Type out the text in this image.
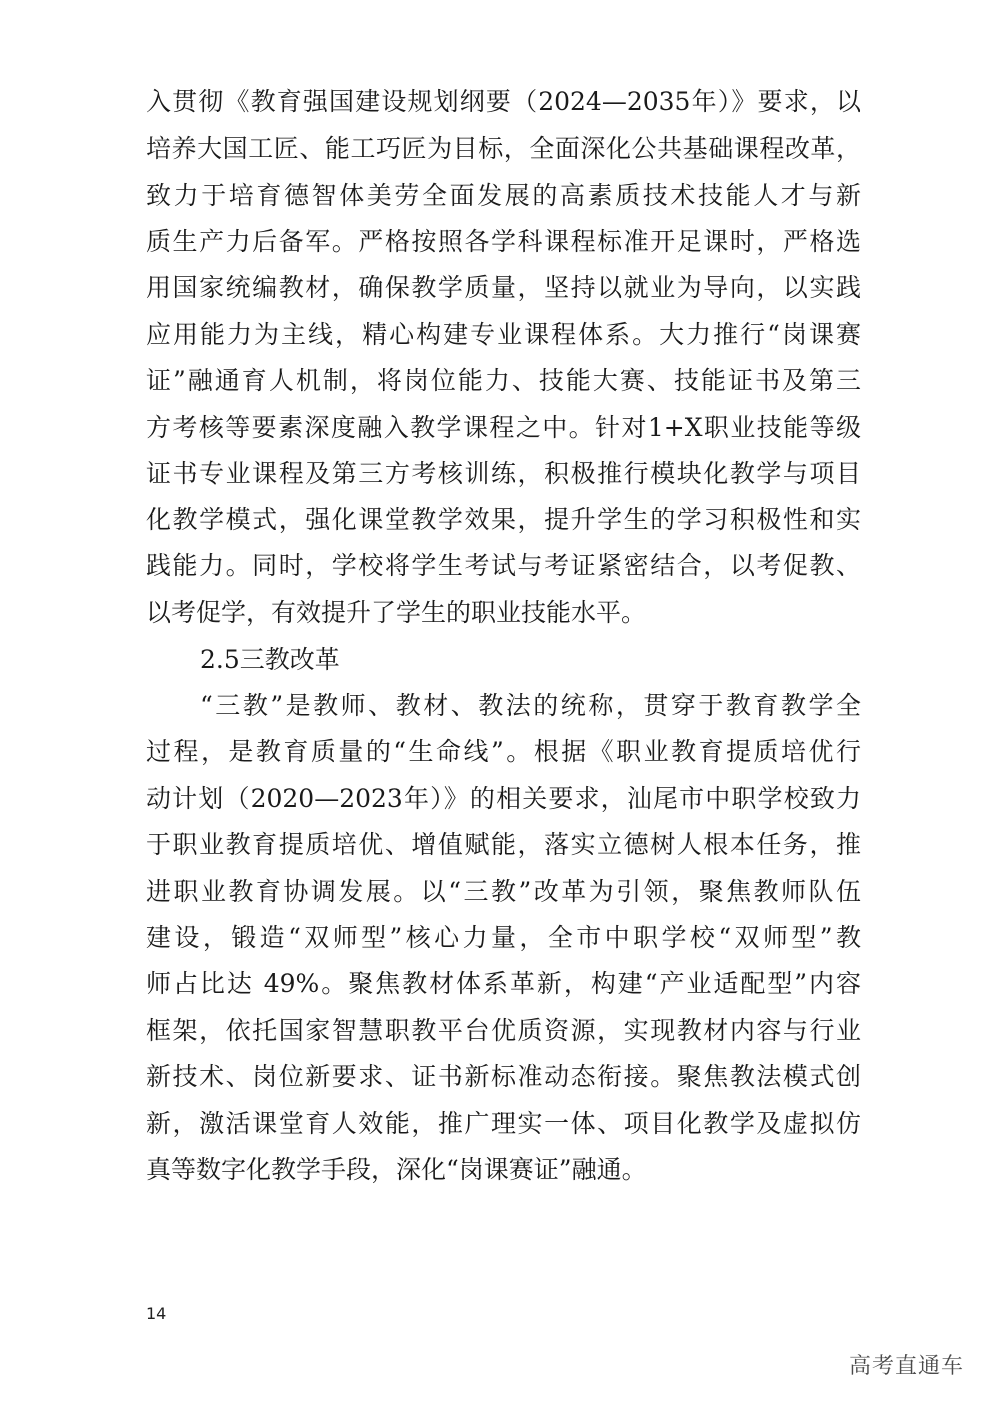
入贯彻《教育强国建设规划纲要（2024—2035年）》要求，以
培养大国工匠、能工巧匠为目标，全面深化公共基础课程改革，
致力于培育德智体美劳全面发展的高素质技术技能人才与新
质生产力后备军。严格按照各学科课程标准开足课时，严格选
用国家统编教材，确保教学质量，坚持以就业为导向，以实践
应用能力为主线，精心构建专业课程体系。大力推行“岗课赛
证”融通育人机制，将岗位能力、技能大赛、技能证书及第三
方考核等要素深度融入教学课程之中。针对1+X职业技能等级
证书专业课程及第三方考核训练，积极推行模块化教学与项目
化教学模式，强化课堂教学效果，提升学生的学习积极性和实
践能力。同时，学校将学生考试与考证紧密结合，以考促教、
以考促学，有效提升了学生的职业技能水平。
2.5三教改革
“三教”是教师、教材、教法的统称，贯穿于教育教学全
过程，是教育质量的“生命线”。根据《职业教育提质培优行
动计划（2020—2023年）》的相关要求，汕尾市中职学校致力
于职业教育提质培优、增值赋能，落实立德树人根本任务，推
进职业教育协调发展。以“三教”改革为引领，聚焦教师队伍
建设，锻造“双师型”核心力量，全市中职学校“双师型”教
师占比达 49%。聚焦教材体系革新，构建“产业适配型”内容
框架，依托国家智慧职教平台优质资源，实现教材内容与行业
新技术、岗位新要求、证书新标准动态衔接。聚焦教法模式创
新，激活课堂育人效能，推广理实一体、项目化教学及虚拟仿
真等数字化教学手段，深化“岗课赛证”融通。
14
高考直通车
